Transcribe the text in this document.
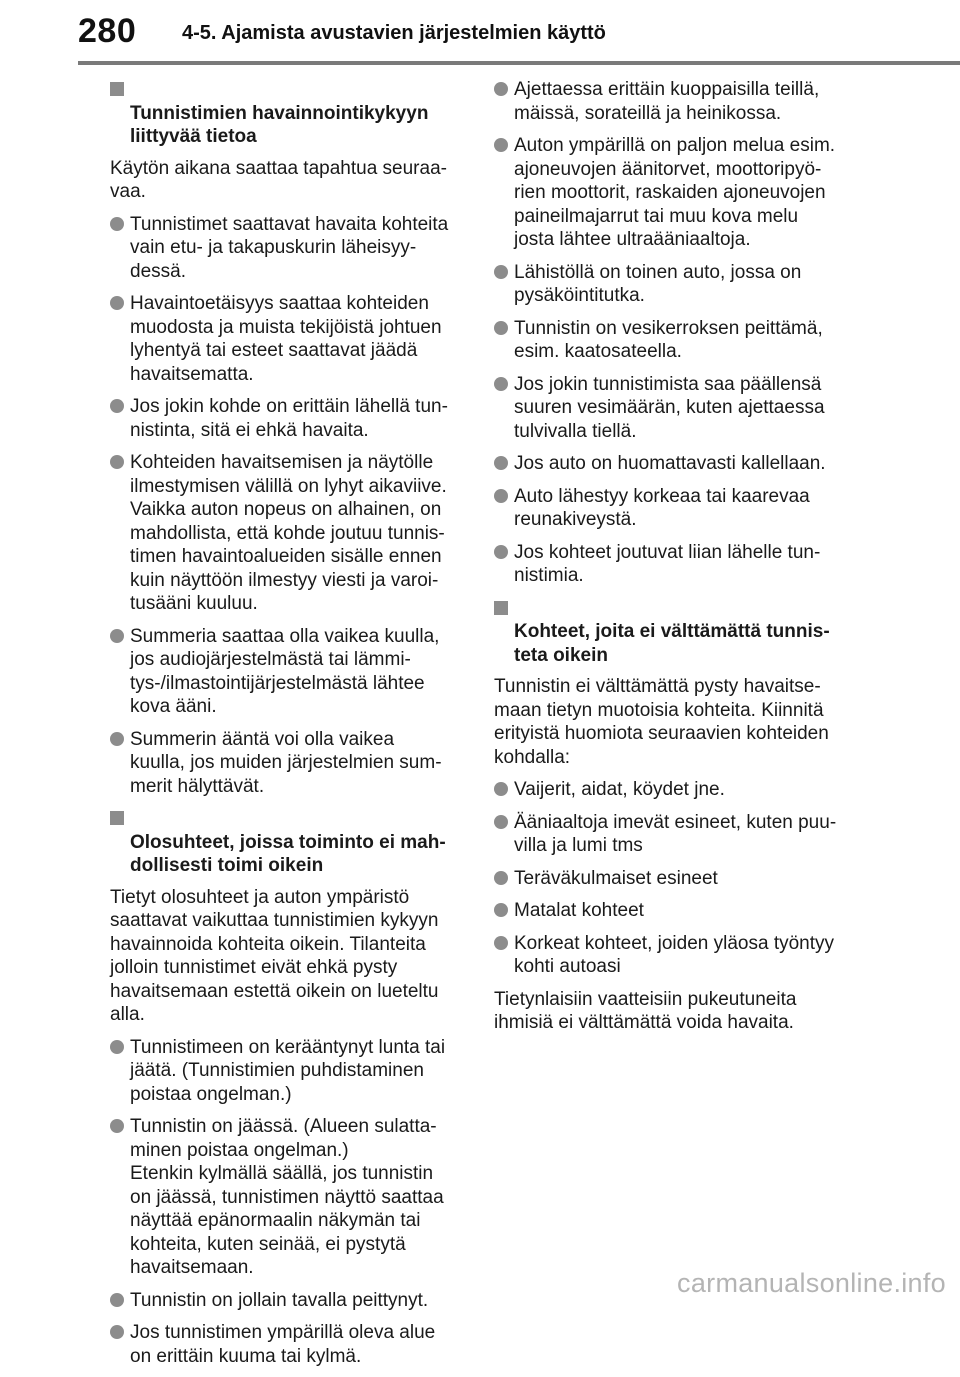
280 4-5. Ajamista avustavien järjestelmien käyttö

Tunnistimien havainnointikykyyn
liittyvää tietoa

Käytön aikana saattaa tapahtua seuraa-
vaa.
Tunnistimet saattavat havaita kohteita
vain etu- ja takapuskurin läheisyy-
dessä.
Havaintoetäisyys saattaa kohteiden
muodosta ja muista tekijöistä johtuen
lyhentyä tai esteet saattavat jäädä
havaitsematta.
Jos jokin kohde on erittäin lähellä tun-
nistinta, sitä ei ehkä havaita.
Kohteiden havaitsemisen ja näytölle
ilmestymisen välillä on lyhyt aikaviive.
Vaikka auton nopeus on alhainen, on
mahdollista, että kohde joutuu tunnis-
timen havaintoalueiden sisälle ennen
kuin näyttöön ilmestyy viesti ja varoi-
tusääni kuuluu.
Summeria saattaa olla vaikea kuulla,
jos audiojärjestelmästä tai lämmi-
tys-/ilmastointijärjestelmästä lähtee
kova ääni.
Summerin ääntä voi olla vaikea
kuulla, jos muiden järjestelmien sum-
merit hälyttävät.

Olosuhteet, joissa toiminto ei mah-
dollisesti toimi oikein

Tietyt olosuhteet ja auton ympäristö
saattavat vaikuttaa tunnistimien kykyyn
havainnoida kohteita oikein. Tilanteita
jolloin tunnistimet eivät ehkä pysty
havaitsemaan estettä oikein on lueteltu
alla.
Tunnistimeen on kerääntynyt lunta tai
jäätä. (Tunnistimien puhdistaminen
poistaa ongelman.)
Tunnistin on jäässä. (Alueen sulatta-
minen poistaa ongelman.)
Etenkin kylmällä säällä, jos tunnistin
on jäässä, tunnistimen näyttö saattaa
näyttää epänormaalin näkymän tai
kohteita, kuten seinää, ei pystytä
havaitsemaan.
Tunnistin on jollain tavalla peittynyt.
Jos tunnistimen ympärillä oleva alue
on erittäin kuuma tai kylmä.
Ajettaessa erittäin kuoppaisilla teillä,
mäissä, sorateillä ja heinikossa.
Auton ympärillä on paljon melua esim.
ajoneuvojen äänitorvet, moottoripyö-
rien moottorit, raskaiden ajoneuvojen
paineilmajarrut tai muu kova melu
josta lähtee ultraääniaaltoja.
Lähistöllä on toinen auto, jossa on
pysäköintitutka.
Tunnistin on vesikerroksen peittämä,
esim. kaatosateella.
Jos jokin tunnistimista saa päällensä
suuren vesimäärän, kuten ajettaessa
tulvivalla tiellä.
Jos auto on huomattavasti kallellaan.
Auto lähestyy korkeaa tai kaarevaa
reunakiveystä.
Jos kohteet joutuvat liian lähelle tun-
nistimia.

Kohteet, joita ei välttämättä tunnis-
teta oikein

Tunnistin ei välttämättä pysty havaitse-
maan tietyn muotoisia kohteita. Kiinnitä
erityistä huomiota seuraavien kohteiden
kohdalla:
Vaijerit, aidat, köydet jne.
Ääniaaltoja imevät esineet, kuten puu-
villa ja lumi tms
Teräväkulmaiset esineet
Matalat kohteet
Korkeat kohteet, joiden yläosa työntyy
kohti autoasi
Tietynlaisiin vaatteisiin pukeutuneita
ihmisiä ei välttämättä voida havaita.
carmanualsonline.info
